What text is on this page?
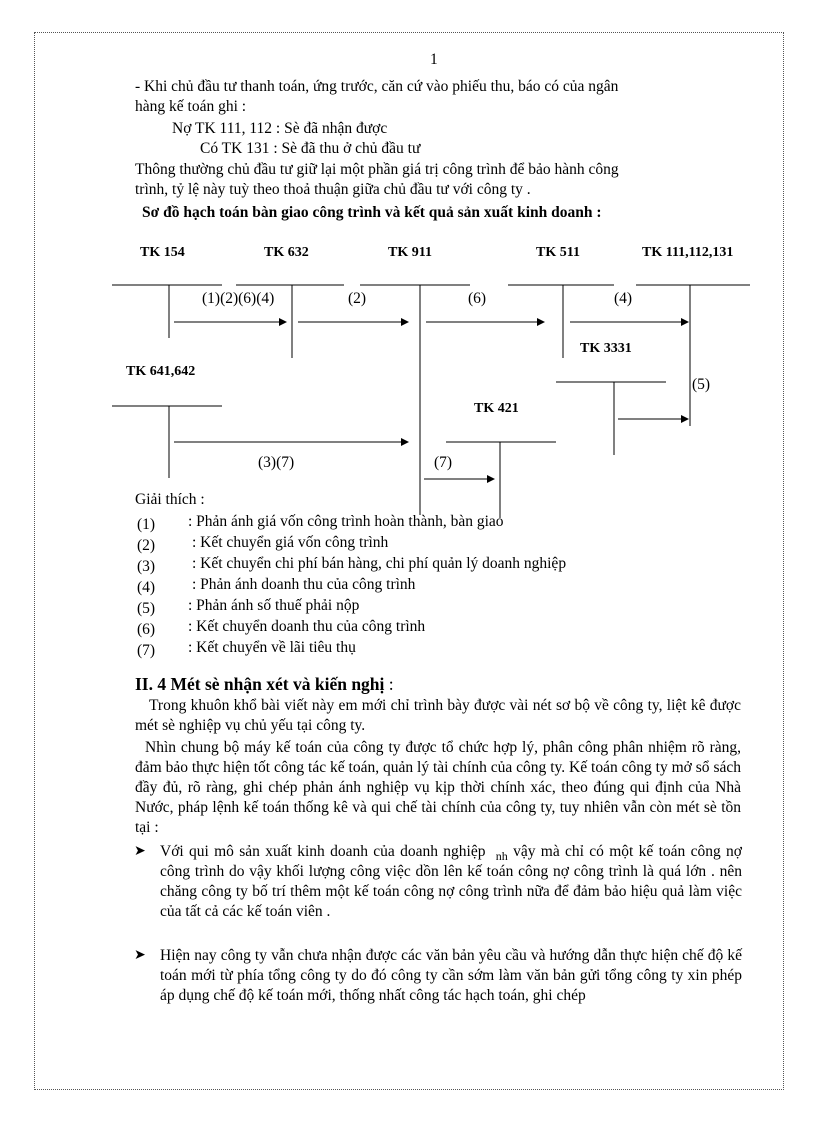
1
- Khi chủ đầu tư thanh toán, ứng trước, căn cứ vào phiếu thu, báo có của ngân
hàng kế toán ghi :
Nợ TK 111, 112 : Sè đã nhận được
Có TK 131 : Sè đã thu ở chủ đầu tư
Thông thường chủ đầu tư giữ lại một phần giá trị công trình để bảo hành công
trình, tỷ lệ này tuỳ theo thoả thuận giữa chủ đầu tư với công ty .
Sơ đồ hạch toán bàn giao công trình và kết quả sản xuất kinh doanh :
TK 154	TK 632	TK 911	TK 511	TK 111,112,131
TK 641,642
TK 3331
TK 421
(1)(2)(6)(4)	(2)	(6)	(4)
(5)
(3)(7)	(7)
Giải thích :
(1) : Phản ánh giá vốn công trình hoàn thành, bàn giao
(2) : Kết chuyển giá vốn công trình
(3) : Kết chuyển chi phí bán hàng, chi phí quản lý doanh nghiệp
(4) : Phản ánh doanh thu của công trình
(5) : Phản ánh số thuế phải nộp
(6) : Kết chuyển doanh thu của công trình
(7) : Kết chuyển về lãi tiêu thụ
II. 4 Mét sè nhận xét và kiến nghị :

Trong khuôn khổ bài viết này em mới chỉ trình bày được vài nét sơ bộ về công ty, liệt kê được mét sè nghiệp vụ chủ yếu tại công ty.

Nhìn chung bộ máy kế toán của công ty được tổ chức hợp lý, phân công phân nhiệm rõ ràng, đảm bảo thực hiện tốt công tác kế toán, quản lý tài chính của công ty. Kế toán công ty mở sổ sách đầy đủ, rõ ràng, ghi chép phản ánh nghiệp vụ kịp thời chính xác, theo đúng qui định của Nhà Nước, pháp lệnh kế toán thống kê và qui chế tài chính của công ty, tuy nhiên vẫn còn mét sè tồn tại :

➤ Với qui mô sản xuất kinh doanh của doanh nghiệp $_{nh}$ vậy mà chỉ có một kế toán công nợ công trình do vậy khối lượng công việc dồn lên kế toán công nợ công trình là quá lớn . nên chăng công ty bố trí thêm một kế toán công nợ công trình nữa để đảm bảo hiệu quả làm việc của tất cả các kế toán viên .
➤ Hiện nay công ty vẫn chưa nhận được các văn bản yêu cầu và hướng dẫn thực hiện chế độ kế toán mới từ phía tổng công ty do đó công ty cần sớm làm văn bản gửi tổng công ty xin phép áp dụng chế độ kế toán mới, thống nhất công tác hạch toán, ghi chép
